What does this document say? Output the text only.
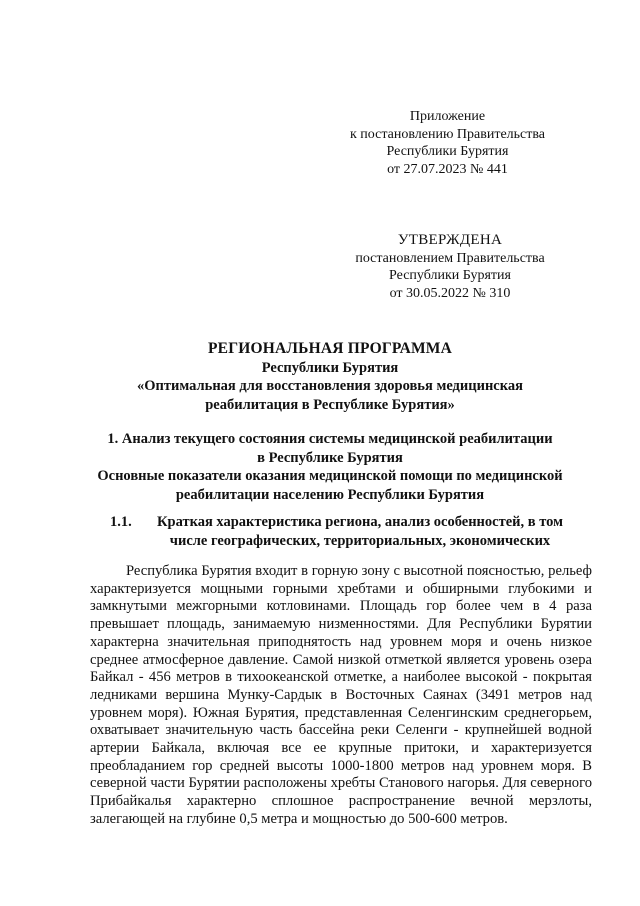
Приложение
к постановлению Правительства
Республики Бурятия
от 27.07.2023 № 441
УТВЕРЖДЕНА
постановлением Правительства
Республики Бурятия
от 30.05.2022 № 310
РЕГИОНАЛЬНАЯ ПРОГРАММА
Республики Бурятия
«Оптимальная для восстановления здоровья медицинская
реабилитация в Республике Бурятия»
1. Анализ текущего состояния системы медицинской реабилитации
в Республике Бурятия
Основные показатели оказания медицинской помощи по медицинской
реабилитации населению Республики Бурятия
1.1.	Краткая характеристика региона, анализ особенностей, в том
числе географических, территориальных, экономических

Республика Бурятия входит в горную зону с высотной поясностью, рельеф характеризуется мощными горными хребтами и обширными глубокими и замкнутыми межгорными котловинами. Площадь гор более чем в 4 раза превышает площадь, занимаемую низменностями. Для Республики Бурятии характерна значительная приподнятость над уровнем моря и очень низкое среднее атмосферное давление. Самой низкой отметкой является уровень озера Байкал - 456 метров в тихоокеанской отметке, а наиболее высокой - покрытая ледниками вершина Мунку-Сардык в Восточных Саянах (3491 метров над уровнем моря). Южная Бурятия, представленная Селенгинским среднегорьем, охватывает значительную часть бассейна реки Селенги - крупнейшей водной артерии Байкала, включая все ее крупные притоки, и характеризуется преобладанием гор средней высоты 1000-1800 метров над уровнем моря. В северной части Бурятии расположены хребты Станового нагорья. Для северного Прибайкалья характерно сплошное распространение вечной мерзлоты, залегающей на глубине 0,5 метра и мощностью до 500-600 метров.
